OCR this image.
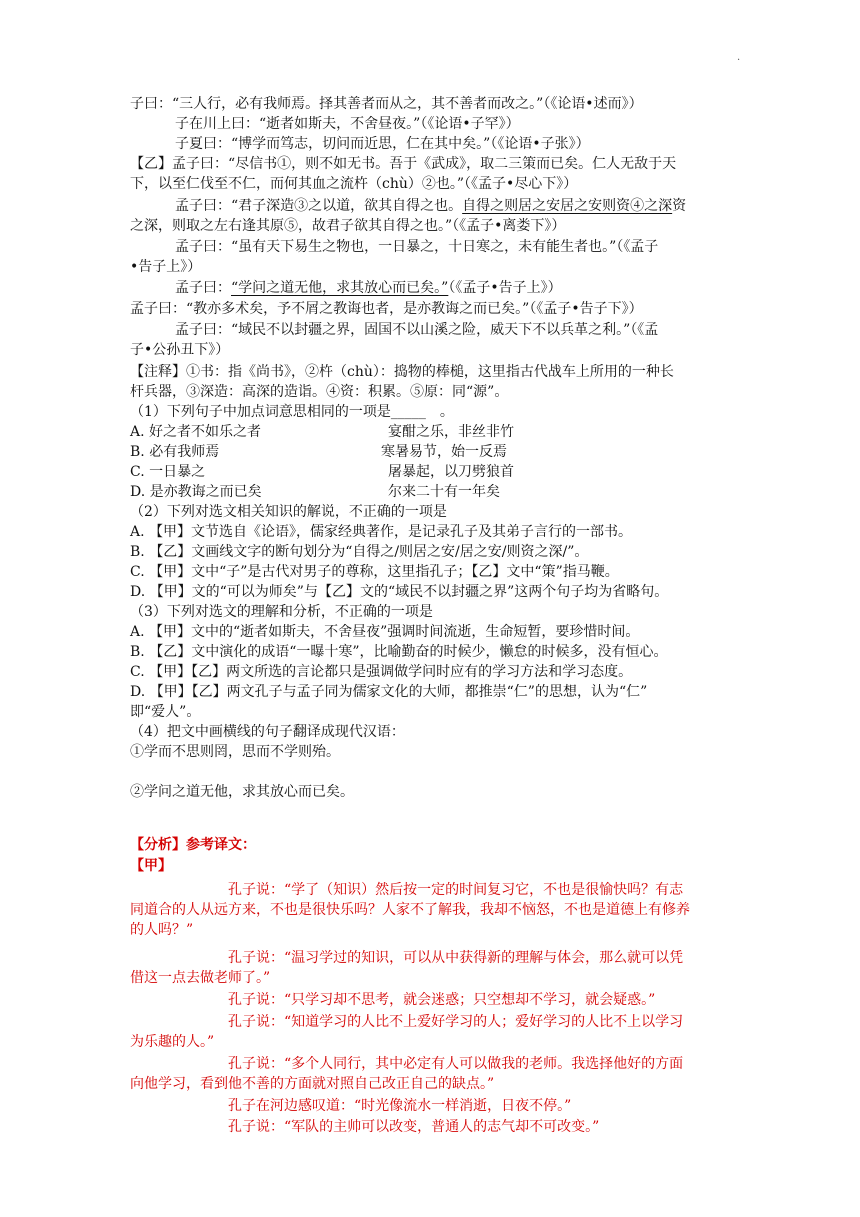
.
子曰：“三人行，必有我师焉。择其善者而从之，其不善者而改之。”（《论语•述而》）
子在川上曰：“逝者如斯夫，不舍昼夜。”（《论语•子罕》）
子夏曰：“博学而笃志，切问而近思，仁在其中矣。”（《论语•子张》）
【乙】孟子曰：“尽信书①，则不如无书。吾于《武成》，取二三策而已矣。仁人无敌于天
下，以至仁伐至不仁，而何其血之流杵（chù）②也。”（《孟子•尽心下》）
孟子曰：“君子深造③之以道，欲其自得之也。自得之则居之安居之安则资④之深资
之深，则取之左右逢其原⑤，故君子欲其自得之也。”（《孟子•离娄下》）
孟子曰：“虽有天下易生之物也，一日暴之，十日寒之，未有能生者也。”（《孟子
•告子上》）
孟子曰：“学问之道无他，求其放心而已矣。”（《孟子•告子上》）
孟子曰：“教亦多术矣，予不屑之教诲也者，是亦教诲之而已矣。”（《孟子•告子下》）
孟子曰：“域民不以封疆之界，固国不以山溪之险，威天下不以兵革之利。”（《孟
子•公孙丑下》）
【注释】①书：指《尚书》，②杵（chù）：捣物的棒槌，这里指古代战车上所用的一种长
杆兵器，③深造：高深的造诣。④资：积累。⑤原：同“源”。
（1）下列句子中加点词意思相同的一项是_____　。
A. 好之者不如乐之者	宴酣之乐，非丝非竹
B. 必有我师焉	寒暑易节，始一反焉
C. 一日暴之	屠暴起，以刀劈狼首
D. 是亦教诲之而已矣	尔来二十有一年矣
（2）下列对选文相关知识的解说，不正确的一项是
A. 【甲】文节选自《论语》，儒家经典著作，是记录孔子及其弟子言行的一部书。
B. 【乙】文画线文字的断句划分为“自得之/则居之安/居之安/则资之深/”。
C. 【甲】文中“子”是古代对男子的尊称，这里指孔子；【乙】文中“策”指马鞭。
D. 【甲】文的“可以为师矣”与【乙】文的“域民不以封疆之界”这两个句子均为省略句。
（3）下列对选文的理解和分析，不正确的一项是
A. 【甲】文中的“逝者如斯夫，不舍昼夜”强调时间流逝，生命短暂，要珍惜时间。
B. 【乙】文中演化的成语“一曝十寒”，比喻勤奋的时候少，懒怠的时候多，没有恒心。
C. 【甲】【乙】两文所选的言论都只是强调做学问时应有的学习方法和学习态度。
D. 【甲】【乙】两文孔子与孟子同为儒家文化的大师，都推崇“仁”的思想，认为“仁”
即“爱人”。
（4）把文中画横线的句子翻译成现代汉语：
①学而不思则罔，思而不学则殆。
②学问之道无他，求其放心而已矣。
【分析】参考译文：
【甲】
孔子说：“学了（知识）然后按一定的时间复习它，不也是很愉快吗？有志
同道合的人从远方来，不也是很快乐吗？人家不了解我，我却不恼怒，不也是道德上有修养
的人吗？”
孔子说：“温习学过的知识，可以从中获得新的理解与体会，那么就可以凭
借这一点去做老师了。”
孔子说：“只学习却不思考，就会迷惑；只空想却不学习，就会疑惑。”
孔子说：“知道学习的人比不上爱好学习的人；爱好学习的人比不上以学习
为乐趣的人。”
孔子说：“多个人同行，其中必定有人可以做我的老师。我选择他好的方面
向他学习，看到他不善的方面就对照自己改正自己的缺点。”
孔子在河边感叹道：“时光像流水一样消逝，日夜不停。”
孔子说：“军队的主帅可以改变，普通人的志气却不可改变。”
